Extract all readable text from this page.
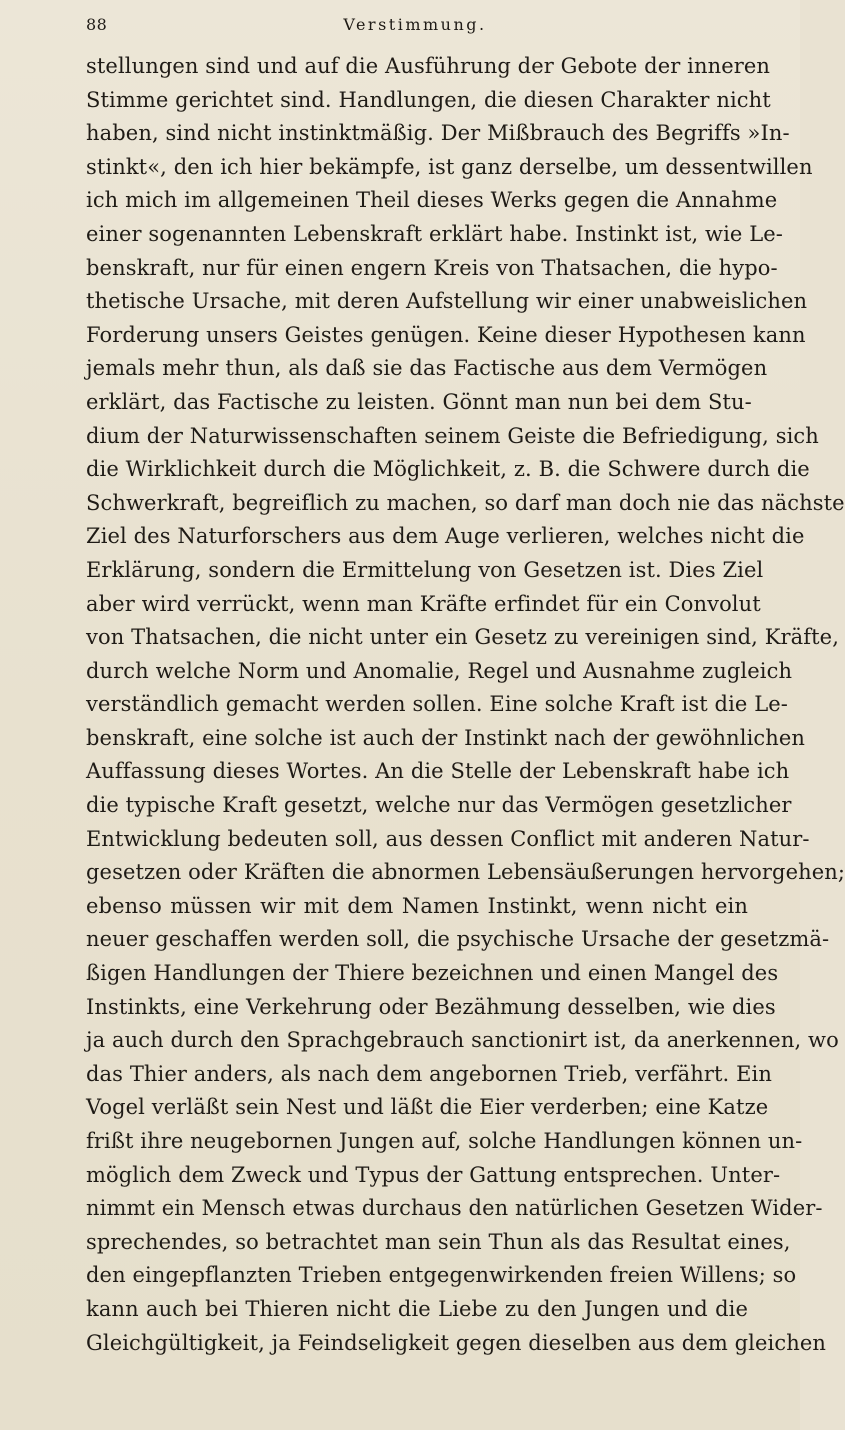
88	Verstimmung.
stellungen sind und auf die Ausführung der Gebote der inneren
Stimme gerichtet sind. Handlungen, die diesen Charakter nicht
haben, sind nicht instinktmäßig. Der Mißbrauch des Begriffs »In-
stinkt«, den ich hier bekämpfe, ist ganz derselbe, um dessentwillen
ich mich im allgemeinen Theil dieses Werks gegen die Annahme
einer sogenannten Lebenskraft erklärt habe. Instinkt ist, wie Le-
benskraft, nur für einen engern Kreis von Thatsachen, die hypo-
thetische Ursache, mit deren Aufstellung wir einer unabweislichen
Forderung unsers Geistes genügen. Keine dieser Hypothesen kann
jemals mehr thun, als daß sie das Factische aus dem Vermögen
erklärt, das Factische zu leisten. Gönnt man nun bei dem Stu-
dium der Naturwissenschaften seinem Geiste die Befriedigung, sich
die Wirklichkeit durch die Möglichkeit, z. B. die Schwere durch die
Schwerkraft, begreiflich zu machen, so darf man doch nie das nächste
Ziel des Naturforschers aus dem Auge verlieren, welches nicht die
Erklärung, sondern die Ermittelung von Gesetzen ist. Dies Ziel
aber wird verrückt, wenn man Kräfte erfindet für ein Convolut
von Thatsachen, die nicht unter ein Gesetz zu vereinigen sind, Kräfte,
durch welche Norm und Anomalie, Regel und Ausnahme zugleich
verständlich gemacht werden sollen. Eine solche Kraft ist die Le-
benskraft, eine solche ist auch der Instinkt nach der gewöhnlichen
Auffassung dieses Wortes. An die Stelle der Lebenskraft habe ich
die typische Kraft gesetzt, welche nur das Vermögen gesetzlicher
Entwicklung bedeuten soll, aus dessen Conflict mit anderen Natur-
gesetzen oder Kräften die abnormen Lebensäußerungen hervorgehen;
ebenso müssen wir mit dem Namen Instinkt, wenn nicht ein
neuer geschaffen werden soll, die psychische Ursache der gesetzmä-
ßigen Handlungen der Thiere bezeichnen und einen Mangel des
Instinkts, eine Verkehrung oder Bezähmung desselben, wie dies
ja auch durch den Sprachgebrauch sanctionirt ist, da anerkennen, wo
das Thier anders, als nach dem angebornen Trieb, verfährt. Ein
Vogel verläßt sein Nest und läßt die Eier verderben; eine Katze
frißt ihre neugebornen Jungen auf, solche Handlungen können un-
möglich dem Zweck und Typus der Gattung entsprechen. Unter-
nimmt ein Mensch etwas durchaus den natürlichen Gesetzen Wider-
sprechendes, so betrachtet man sein Thun als das Resultat eines,
den eingepflanzten Trieben entgegenwirkenden freien Willens; so
kann auch bei Thieren nicht die Liebe zu den Jungen und die
Gleichgültigkeit, ja Feindseligkeit gegen dieselben aus dem gleichen
